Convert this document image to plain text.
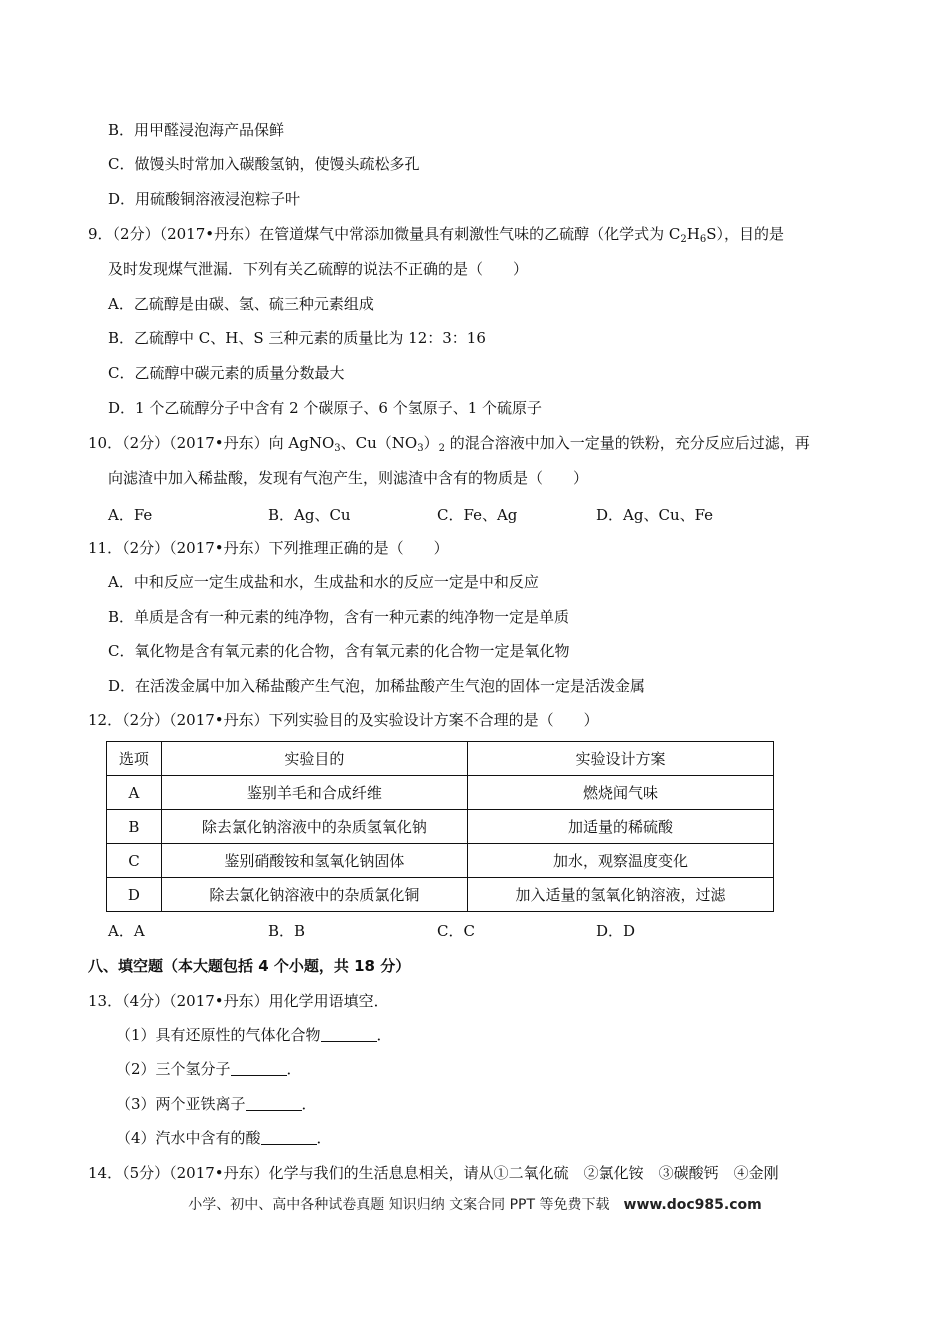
B．用甲醛浸泡海产品保鲜
C．做馒头时常加入碳酸氢钠，使馒头疏松多孔
D．用硫酸铜溶液浸泡粽子叶
9．（2分）（2017•丹东）在管道煤气中常添加微量具有刺激性气味的乙硫醇（化学式为 $C_2H_6S$），目的是
及时发现煤气泄漏．下列有关乙硫醇的说法不正确的是（　　）
A．乙硫醇是由碳、氢、硫三种元素组成
B．乙硫醇中 C、H、S 三种元素的质量比为 12：3：16
C．乙硫醇中碳元素的质量分数最大
D．1 个乙硫醇分子中含有 2 个碳原子、6 个氢原子、1 个硫原子
10．（2分）（2017•丹东）向 AgNO$_3$、$Cu(NO_3)_2$ 的混合溶液中加入一定量的铁粉，充分反应后过滤，再
向滤渣中加入稀盐酸，发现有气泡产生，则滤渣中含有的物质是（　　）
A．Fe	B．Ag、Cu	C．Fe、Ag	D．Ag、Cu、Fe
11．（2分）（2017•丹东）下列推理正确的是（　　）
A．中和反应一定生成盐和水，生成盐和水的反应一定是中和反应
B．单质是含有一种元素的纯净物，含有一种元素的纯净物一定是单质
C．氧化物是含有氧元素的化合物，含有氧元素的化合物一定是氧化物
D．在活泼金属中加入稀盐酸产生气泡，加稀盐酸产生气泡的固体一定是活泼金属
12．（2分）（2017•丹东）下列实验目的及实验设计方案不合理的是（　　）
选项	实验目的	实验设计方案
A	鉴别羊毛和合成纤维	燃烧闻气味
B	除去氯化钠溶液中的杂质氢氧化钠	加适量的稀硫酸
C	鉴别硝酸铵和氢氧化钠固体	加水，观察温度变化
D	除去氯化钠溶液中的杂质氯化铜	加入适量的氢氧化钠溶液，过滤
A．A	B．B	C．C	D．D
八、填空题（本大题包括 4 个小题，共 18 分）
13．（4分）（2017•丹东）用化学用语填空．
（1）具有还原性的气体化合物	．
（2）三个氢分子	．
（3）两个亚铁离子	．
（4）汽水中含有的酸	．
14．（5分）（2017•丹东）化学与我们的生活息息相关，请从①二氧化硫　②氯化铵　③碳酸钙　④金刚
小学、初中、高中各种试卷真题 知识归纳 文案合同 PPT 等免费下载　www.doc985.com
